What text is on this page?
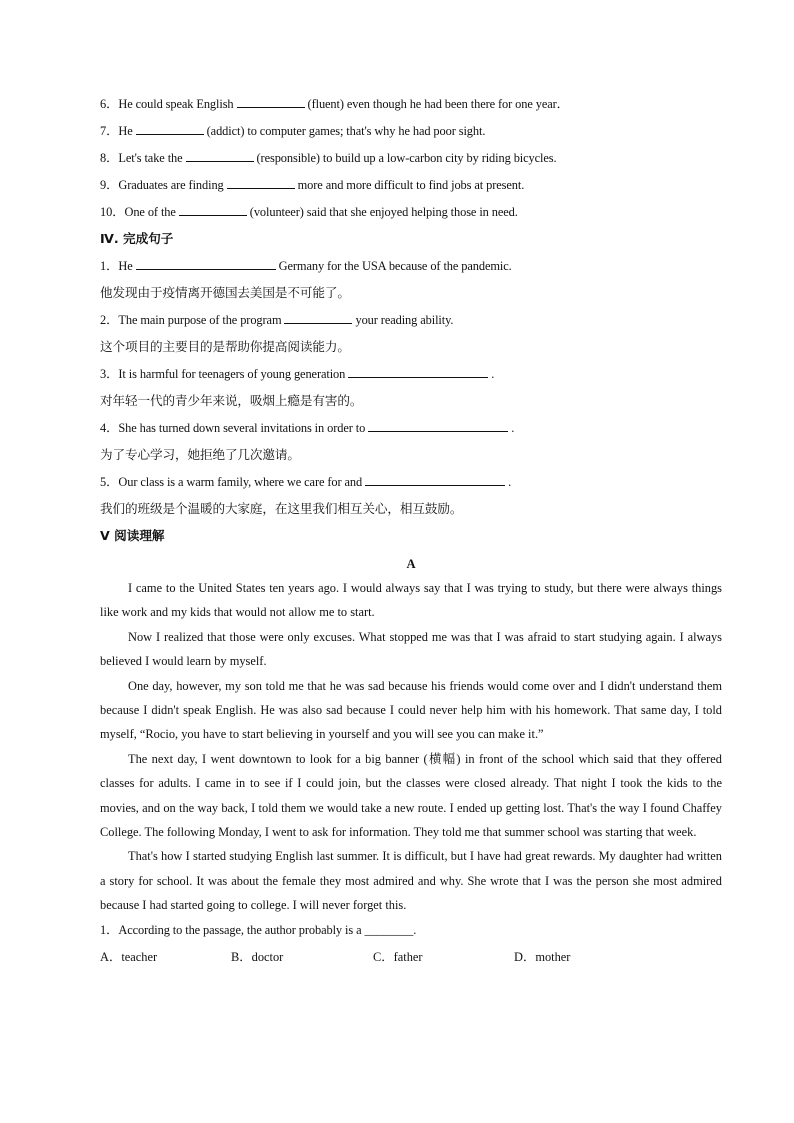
6．He could speak English	(fluent) even though he had been there for one year．
7．He	(addict) to computer games; that's why he had poor sight.
8．Let's take the	(responsible) to build up a low-carbon city by riding bicycles.
9．Graduates are finding	more and more difficult to find jobs at present.
10．One of the	(volunteer) said that she enjoyed helping those in need.
Ⅳ. 完成句子
1．He	Germany for the USA because of the pandemic.
他发现由于疫情离开德国去美国是不可能了。
2．The main purpose of the program	your reading ability.
这个项目的主要目的是帮助你提高阅读能力。
3．It is harmful for teenagers of young generation	.
对年轻一代的青少年来说，吸烟上瘾是有害的。
4．She has turned down several invitations in order to	.
为了专心学习，她拒绝了几次邀请。
5．Our class is a warm family, where we care for and	.
我们的班级是个温暖的大家庭，在这里我们相互关心，相互鼓励。
Ⅴ 阅读理解
A
I came to the United States ten years ago. I would always say that I was trying to study, but there were always things like work and my kids that would not allow me to start.
Now I realized that those were only excuses. What stopped me was that I was afraid to start studying again. I always believed I would learn by myself.
One day, however, my son told me that he was sad because his friends would come over and I didn't understand them because I didn't speak English. He was also sad because I could never help him with his homework. That same day, I told myself, “Rocio, you have to start believing in yourself and you will see you can make it.”
The next day, I went downtown to look for a big banner (横幅) in front of the school which said that they offered classes for adults. I came in to see if I could join, but the classes were closed already. That night I took the kids to the movies, and on the way back, I told them we would take a new route. I ended up getting lost. That's the way I found Chaffey College. The following Monday, I went to ask for information. They told me that summer school was starting that week.
That's how I started studying English last summer. It is difficult, but I have had great rewards. My daughter had written a story for school. It was about the female they most admired and why. She wrote that I was the person she most admired because I had started going to college. I will never forget this.
1．According to the passage, the author probably is a ________.
A．teacher	B．doctor	C．father	D．mother
